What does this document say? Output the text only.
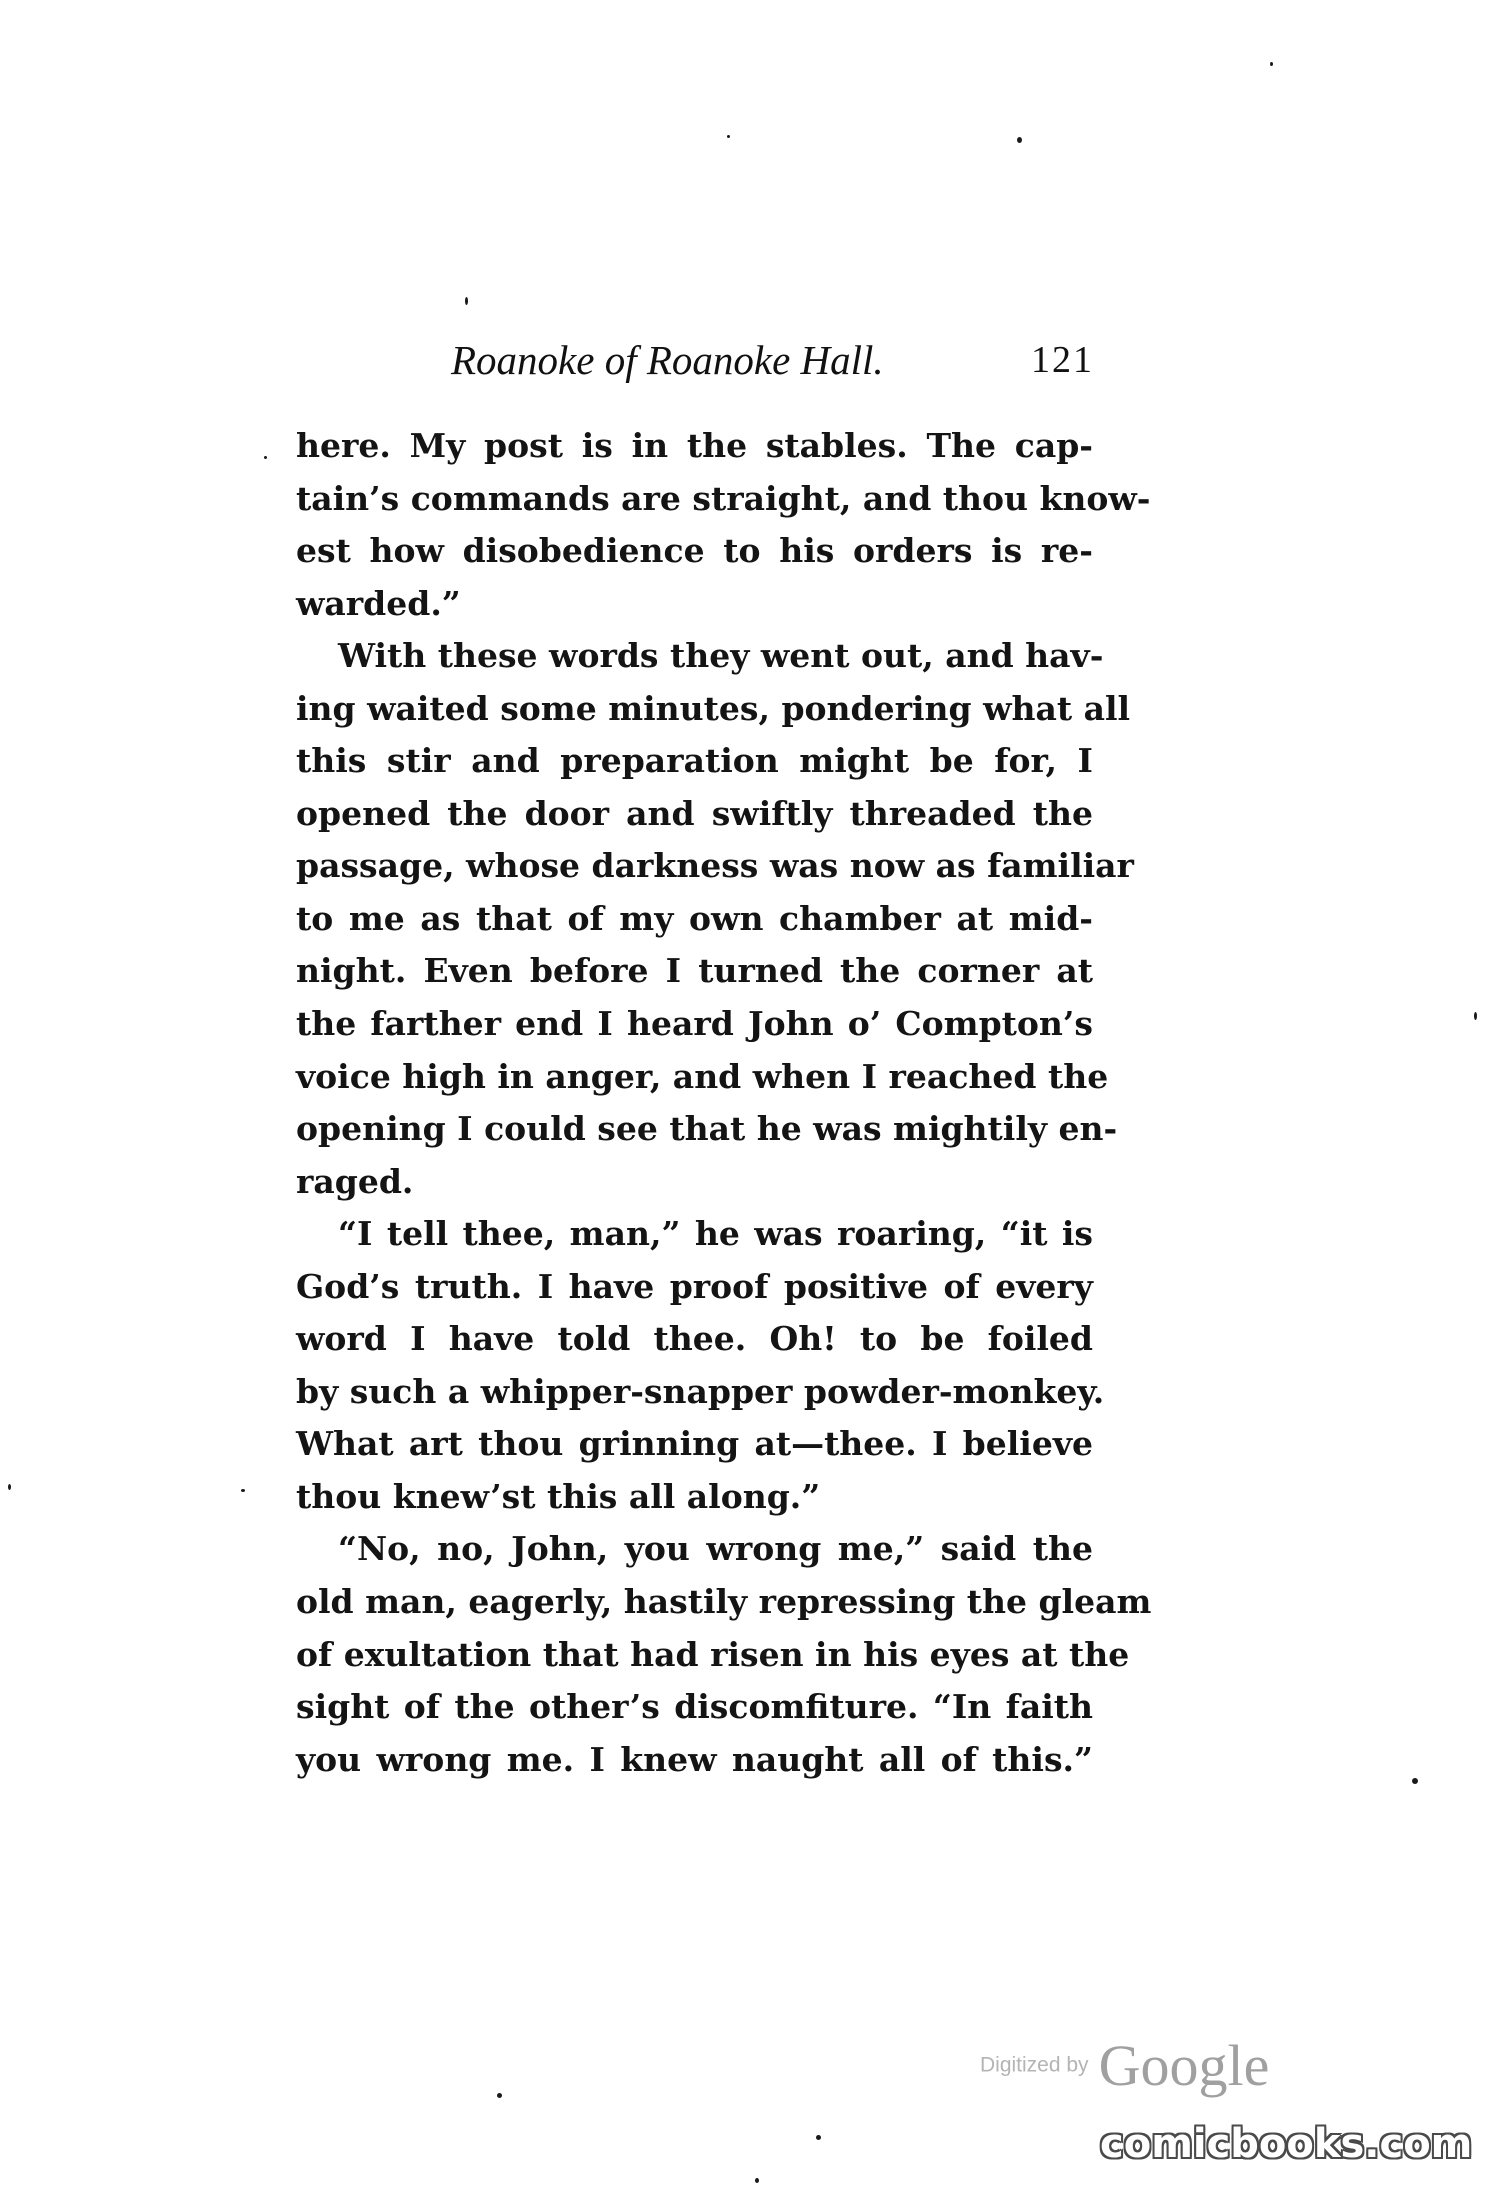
Roanoke of Roanoke Hall.	121
here. My post is in the stables. The cap-
tain’s commands are straight, and thou know-
est how disobedience to his orders is re-
warded.”
With these words they went out, and hav-
ing waited some minutes, pondering what all
this stir and preparation might be for, I
opened the door and swiftly threaded the
passage, whose darkness was now as familiar
to me as that of my own chamber at mid-
night. Even before I turned the corner at
the farther end I heard John o’ Compton’s
voice high in anger, and when I reached the
opening I could see that he was mightily en-
raged.
“I tell thee, man,” he was roaring, “it is
God’s truth. I have proof positive of every
word I have told thee. Oh! to be foiled
by such a whipper-snapper powder-monkey.
What art thou grinning at—thee. I believe
thou knew’st this all along.”
“No, no, John, you wrong me,” said the
old man, eagerly, hastily repressing the gleam
of exultation that had risen in his eyes at the
sight of the other’s discomfiture. “In faith
you wrong me. I knew naught all of this.”
Digitized by Google
comicbooks.com
